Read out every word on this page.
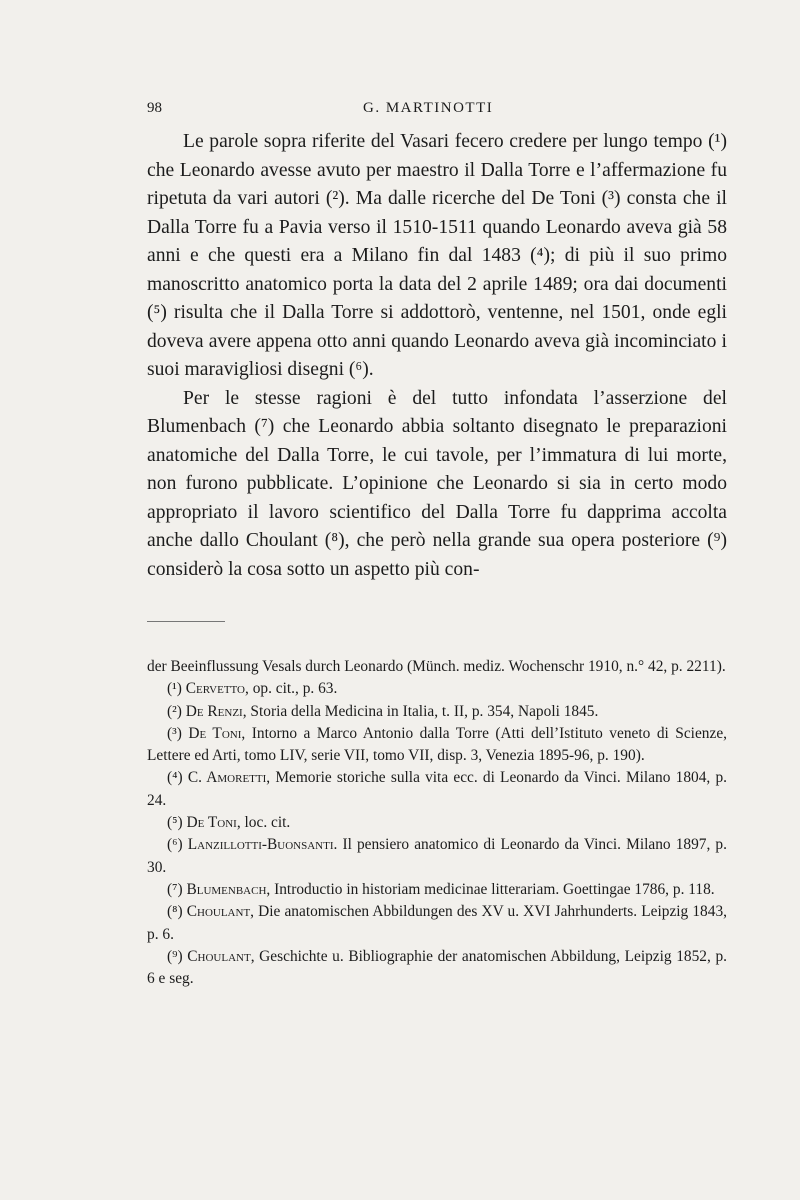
98	G. MARTINOTTI

Le parole sopra riferite del Vasari fecero credere per lungo tempo (¹) che Leonardo avesse avuto per maestro il Dalla Torre e l’affermazione fu ripetuta da vari autori (²). Ma dalle ricerche del De Toni (³) consta che il Dalla Torre fu a Pavia verso il 1510-1511 quando Leonardo aveva già 58 anni e che questi era a Milano fin dal 1483 (⁴); di più il suo primo manoscritto anatomico porta la data del 2 aprile 1489; ora dai documenti (⁵) risulta che il Dalla Torre si addottorò, ventenne, nel 1501, onde egli doveva avere appena otto anni quando Leonardo aveva già incominciato i suoi maravigliosi disegni (⁶).

Per le stesse ragioni è del tutto infondata l’asserzione del Blumenbach (⁷) che Leonardo abbia soltanto disegnato le preparazioni anatomiche del Dalla Torre, le cui tavole, per l’immatura di lui morte, non furono pubblicate. L’opinione che Leonardo si sia in certo modo appropriato il lavoro scientifico del Dalla Torre fu dapprima accolta anche dallo Choulant (⁸), che però nella grande sua opera posteriore (⁹) considerò la cosa sotto un aspetto più con-

der Beeinflussung Vesals durch Leonardo (Münch. mediz. Wochenschr 1910, n.° 42, p. 2211).

(¹) Cervetto, op. cit., p. 63.

(²) De Renzi, Storia della Medicina in Italia, t. II, p. 354, Napoli 1845.

(³) De Toni, Intorno a Marco Antonio dalla Torre (Atti dell’Istituto veneto di Scienze, Lettere ed Arti, tomo LIV, serie VII, tomo VII, disp. 3, Venezia 1895-96, p. 190).

(⁴) C. Amoretti, Memorie storiche sulla vita ecc. di Leonardo da Vinci. Milano 1804, p. 24.

(⁵) De Toni, loc. cit.

(⁶) Lanzillotti-Buonsanti. Il pensiero anatomico di Leonardo da Vinci. Milano 1897, p. 30.

(⁷) Blumenbach, Introductio in historiam medicinae litterariam. Goettingae 1786, p. 118.

(⁸) Choulant, Die anatomischen Abbildungen des XV u. XVI Jahrhunderts. Leipzig 1843, p. 6.

(⁹) Choulant, Geschichte u. Bibliographie der anatomischen Abbildung, Leipzig 1852, p. 6 e seg.
